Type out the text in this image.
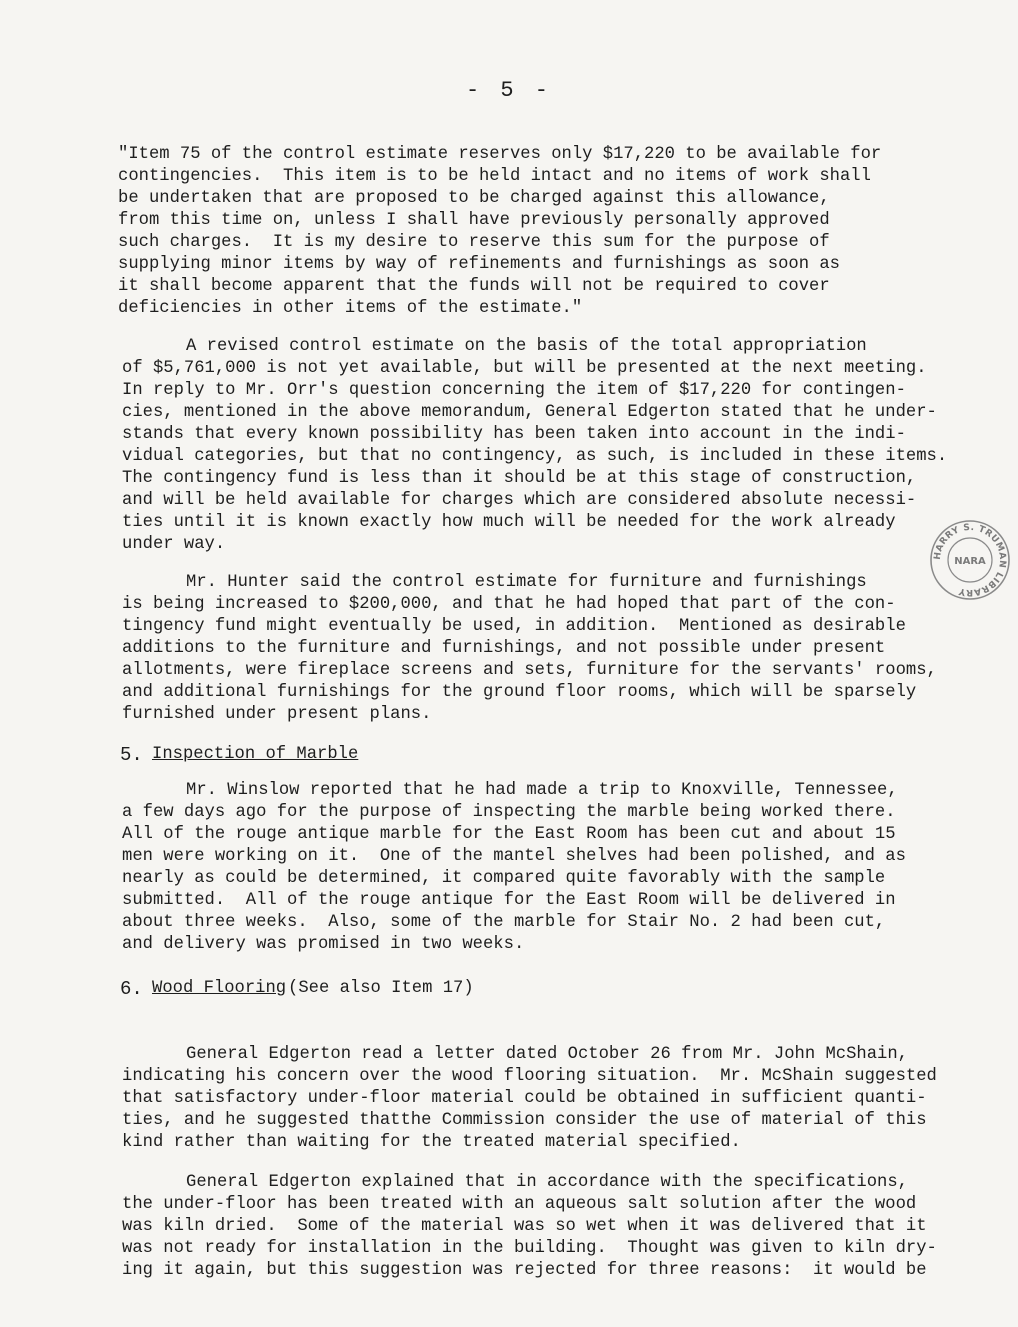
- 5 -
"Item 75 of the control estimate reserves only $17,220 to be available for
contingencies.  This item is to be held intact and no items of work shall
be undertaken that are proposed to be charged against this allowance,
from this time on, unless I shall have previously personally approved
such charges.  It is my desire to reserve this sum for the purpose of
supplying minor items by way of refinements and furnishings as soon as
it shall become apparent that the funds will not be required to cover
deficiencies in other items of the estimate."
A revised control estimate on the basis of the total appropriation
of $5,761,000 is not yet available, but will be presented at the next meeting.
In reply to Mr. Orr's question concerning the item of $17,220 for contingen-
cies, mentioned in the above memorandum, General Edgerton stated that he under-
stands that every known possibility has been taken into account in the indi-
vidual categories, but that no contingency, as such, is included in these items.
The contingency fund is less than it should be at this stage of construction,
and will be held available for charges which are considered absolute necessi-
ties until it is known exactly how much will be needed for the work already
under way.
Mr. Hunter said the control estimate for furniture and furnishings
is being increased to $200,000, and that he had hoped that part of the con-
tingency fund might eventually be used, in addition.  Mentioned as desirable
additions to the furniture and furnishings, and not possible under present
allotments, were fireplace screens and sets, furniture for the servants' rooms,
and additional furnishings for the ground floor rooms, which will be sparsely
furnished under present plans.
5. Inspection of Marble
Mr. Winslow reported that he had made a trip to Knoxville, Tennessee,
a few days ago for the purpose of inspecting the marble being worked there.
All of the rouge antique marble for the East Room has been cut and about 15
men were working on it.  One of the mantel shelves had been polished, and as
nearly as could be determined, it compared quite favorably with the sample
submitted.  All of the rouge antique for the East Room will be delivered in
about three weeks.  Also, some of the marble for Stair No. 2 had been cut,
and delivery was promised in two weeks.
6. Wood Flooring (See also Item 17)
General Edgerton read a letter dated October 26 from Mr. John McShain,
indicating his concern over the wood flooring situation.  Mr. McShain suggested
that satisfactory under-floor material could be obtained in sufficient quanti-
ties, and he suggested thatthe Commission consider the use of material of this
kind rather than waiting for the treated material specified.
General Edgerton explained that in accordance with the specifications,
the under-floor has been treated with an aqueous salt solution after the wood
was kiln dried.  Some of the material was so wet when it was delivered that it
was not ready for installation in the building.  Thought was given to kiln dry-
ing it again, but this suggestion was rejected for three reasons:  it would be
HARRY S. TRUMAN LIBRARY
NARA
